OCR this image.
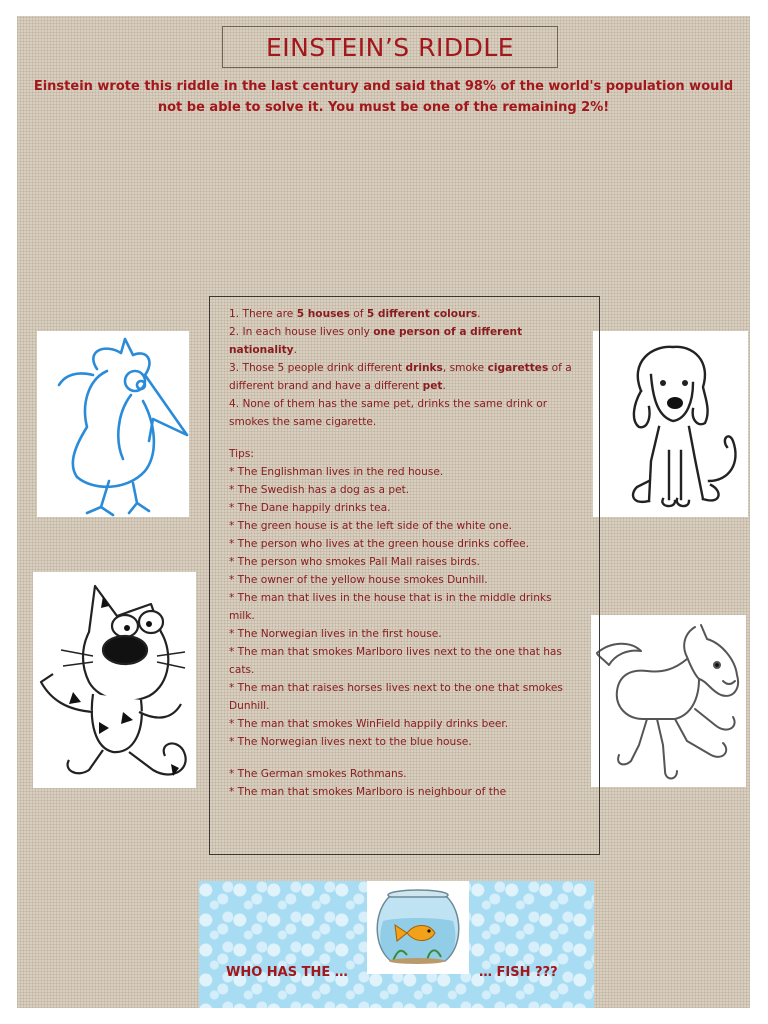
EINSTEIN’S RIDDLE
Einstein wrote this riddle in the last century and said that 98% of the world's population would
not be able to solve it. You must be one of the remaining 2%!

1. There are 5 houses of 5 different colours.

2. In each house lives only one person of a different nationality.

3. Those 5 people drink different drinks, smoke cigarettes of a different brand and have a different pet.

4. None of them has the same pet, drinks the same drink or smokes the same cigarette.

Tips:

* The Englishman lives in the red house.

* The Swedish has a dog as a pet.

* The Dane happily drinks tea.

* The green house is at the left side of the white one.

* The person who lives at the green house drinks coffee.

* The person who smokes Pall Mall raises birds.

* The owner of the yellow house smokes Dunhill.

* The man that lives in the house that is in the middle drinks milk.

* The Norwegian lives in the first house.

* The man that smokes Marlboro lives next to the one that has cats.

* The man that raises horses lives next to the one that smokes Dunhill.

* The man that smokes WinField happily drinks beer.

* The Norwegian lives next to the blue house.

* The German smokes Rothmans.

* The man that smokes Marlboro is neighbour of the

WHO HAS THE …	… FISH ???
